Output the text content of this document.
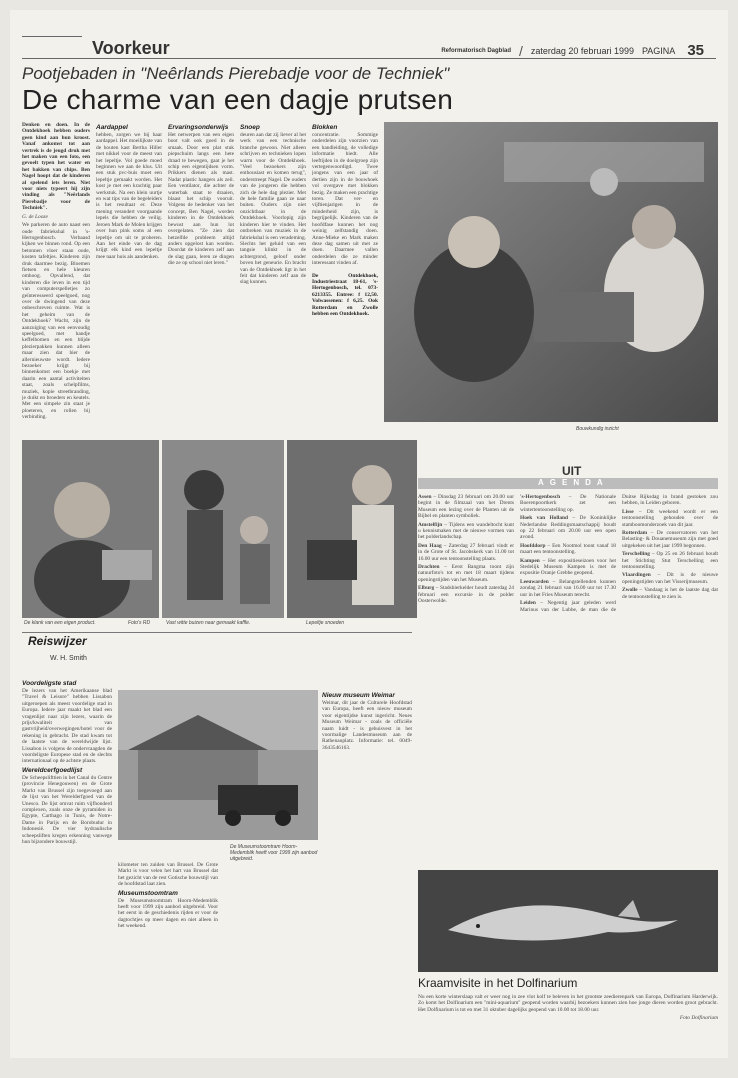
Voorkeur	Reformatorisch Dagblad / zaterdag 20 februari 1999 PAGINA 35
Pootjebaden in "Neêrlands Pierebadje voor de Techniek"
De charme van een dagje prutsen

Denken en doen. In de Ontdekhoek hebben ouders geen kind aan hun kroost. Vanaf ankomst tot aan vertrek is de jeugd druk met het maken van een foto, een gevoelt typen het water en het bakken van chips. Ben Nagel hoopt dat de kinderen al spelend iets leren. Niet voor niets typeert hij zijn vinding als "Neêrlands Pierebadje voor de Techniek".

G. de Looze

We parkeren de auto naast een oude fabriekshal in 's-Hertogenbosch. Verbaasd kijken we binnen rond. Op een betonnen vloer staan oude, kosten tafeltjes. Kinderen zijn druk daarmee bezig. Bloemen fietsen en hele kleuren omhoog. Opvallend, dat kinderen die leven in een tijd van computerspelletjes zo geïnteresseerd speelgoed, nog over de dwingend van deze onbeschreven ruimte. Wat is het geheim van de Ontdekhoek? Wacht, zijn de aanzuiging van een eenvoudig speelgoed, met handje keffelbomen en een blijde plezierpakken kunnen alleen maar zien dat hier de allernieuwste wordt. Iedere bezoeker krijgt bij binnenkomst een boekje met daarin een aantal activiteiten staat, zoals schelpfilms, muziek, kopie streetbranding, je duikt en broeders en keutels. Met een simpele zin staat je ploeteren, en rollen bij verbinding.

Aardappel

hebben, zorgen we bij haar aardappel. Het moeilijkste van de houten kast Bertha Hiller met nikkel voor de meest van het lepeltje. Vol goede moed beginnen we aan de klus. Uit een stuk pvc-buis moet een lepeltje gemaakt worden. Het kost je met een krachtig paar werkstuk. Na een klein uurtje en wat tips van de begeleiders is het resultaat er. Deze mening verandert voorgaande lepels die hebben de veilig. Jeroen Mark de Molen krijgen over hun pink soms al een lepeltje om uit te proberen. Aan het einde van de dag krijgt elk kind een lepeltje mee naar huis als aandenken.

Ervaringsonderwijs

Het netwerpen van een eigen boot valt ook goed in de smaak. Door een plat stuk piepschuim langs een hete draad te bewegen, gaat je het schip een eigentijdsen vorm. Prikkers dienen als mast. Nadat plastic hangers als zeil. Een ventilator, die achter de waterbak staat te draaien, blaast het schip vooruit. Volgens de bedenker van het concept, Ben Nagel, worden kinderen in de Ontdekhoek bewust aan hun lot overgelaten. "Ze zien dat hetzelfde probleem altijd anders opgelost kan worden. Doordat de kinderen zelf aan de slag gaan, leren ze dingen die ze op school niet leren."

Snoep

deuren aan dat zij liever al het werk van een technische branche gewoon. Niet alleen schrijven en technieken lopen warm voor de Ontdekhoek. "Veel bezoekers zijn enthousiast en komen terug", onderstreept Nagel. De ouders van de jongeren die hebben zich de hele dag plezier. Met de hele familie gaan ze naar buiten. Ouders zijn niet onzichtbaar in de Ontdekhoek. Voorlopig zijn kinderen hier te vinden. Het ontbreken van muziek in de fabriekshal is een verademing. Slechts het geluid van een tangsie klinkt in de achtergrond, geloof onder boven het geneurie. En bracht van de Ontdekhoek ligt in het feit dat kinderen zelf aan de slag kunnen.

Blokken

concentratie. Sommige onderdelen zijn voorzien van een handleiding, de volledige informatie biedt. Alle leeftijden in de doelgroep zijn vertegenwoordigd. Twee jongens van een jaar of dertien zijn in de bouwhoek vol overgave met blokken bezig. Ze maken een prachtige toren. Dat ver- en vijftienjarigen in de minderheid zijn, is begrijpelijk. Kinderen van de hoofdfase kunnen het nog weinig zelfstandig doen. Anne-Mieke en Mark maken deze dag samen uit met ze doen. Daarmee vallen onderdelen die ze minder interessant vinden af.

De Ontdekhoek, Industriestraat 18-61, 's-Hertogenbosch, tel. 073-6213355. Entree: f 12,50. Volwassenen: f 6,25. Ook Rotterdam en Zwolle hebben een Ontdekhoek.

Bouwkundig inzicht
De klank van een eigen product.	Foto's RD	Vast witte buizen naar gemaakt kaffle.	Lepeltje snoeden
Reiswijzer
W. H. Smith
Voordeligste stad

De lezers van het Amerikaanse blad "Travel & Leisure" hebben Lissabon uitgeroepen als meest voordelige stad in Europa. Iedere jaar maakt het blad een vragenlijst naar zijn lezers, waarin de prijs/kwaliteit van gastvrijheid/overwegingen/hotel voor de rekening in gebracht. De stad kwam tot de laatste van de wereldwijde lijst. Lissabon is volgens de ondervraagden de voordeligste Europese stad en de slechts internationaal op de achtste plaats.

Wereldcerfgoedlijst

De Scheepslifttien in het Canal du Centre (provincie Henegouwen) en de Grote Markt van Brussel zijn toegevoegd aan de lijst van het Werelderfgoed van de Unesco. De lijst omvat ruim vijfhonderd complexen, zoals onze de pyramiden in Egypte, Carthago in Tunis, de Notre-Dame in Parijs en de Borobudur in Indonesië. De vier hydraulische scheepsliften kregen erkenning vanwege hun bijzondere bouwstijl.

De Museumstoomtram Hoorn-Medemblik heeft voor 1999 zijn aanbod uitgebreid.

kilometer ten zuiden van Brussel. De Grote Markt is voor velen het hart van Brussel dat het gezicht van de rest Gotische bouwstijl van de hoofdstad laat zien.

Museumstoomtram

De Museumstoomtram Hoorn-Medemblik heeft voor 1999 zijn aanbod uitgebreid. Voor het eerst in de geschiedenis rijden er voor de dagtochtjes op meer dagen en niet alleen in het weekend.

Nieuw museum Weimar

Weimar, dit jaar de Culturele Hoofdstad van Europa, heeft een nieuw museum voor eigentijdse kunst ingericht. Neues Museum Weimar - zoals de officiële naam luidt - is gehuisvest in het voormalige Landesmuseum aan de Rathenauplatz. Informatie: tel. 0049-3643546163.

UIT
AGENDA

Assen – Dinsdag 23 februari om 20.00 uur begint in de filmzaal van het Drents Museum een lezing over de Planten uit de Bijbel en planten symboliek.

Amstelfijn – Tijdens een wandeltocht kunt u kennismaken met de nieuwe vormen van het polderlandschap.

Den Haag – Zaterdag 27 februari vindt er in de Grote of St. Jacobskerk van 11.00 tot 16.00 uur een tentoonstelling plaats.

Drachten – Eerst Bangma toont zijn natuurfoto's tot en met 18 maart tijdens openingstijden van het Museum.

Elburg – Stadsbierkelder houdt zaterdag 24 februari een excursie in de polder Oosterwolde.

's-Hertogenbosch – De Nationale Boerenpoortkerk zet een wintertentoonstelling op.

Hoek van Holland – De Koninklijke Nederlandse Reddingsmaatschappij houdt op 22 februari om 20.00 uur een open avond.

Hoofddorp – Een Nootmol toont vanaf 18 maart een tentoonstelling.

Kampen – Het expositieseizoen voor het Stedelijk Museum Kampen is met de expositie Oranje Grebbe geopend.

Leeuwarden – Belangstellenden kunnen zondag 21 februari van 16.00 uur tot 17.30 uur in het Fries Museum terecht.

Leiden – Negentig jaar geleden werd Marinus van der Lubbe, de man die de Duitse Rijksdag in brand gestoken zou hebben, in Leiden geboren.

Lisse – Dit weekend wordt er een tentoonstelling gehouden over de stamboomonderzoek van dit jaar.

Rotterdam – De conservatoren van het Belasting- & Douanemuseum zijn met goed uitgekeken uit het jaar 1999 begonnen.

Terschelling – Op 25 en 26 februari houdt het Stichting Stut Terschelling een tentoonstelling.

Vlaardingen – Dit is de nieuwe openingstijden van het Visserijmuseum.

Zwolle – Vandaag is het de laatste dag dat de tentoonstelling te zien is.

Kraamvisite in het Dolfinarium

Nu een korte winterslaap valt er weer nog in zee vlot kolf te beleven in het grootste zeedierenpark van Europa, Dolfinarium Harderwijk. Zo komt het Dolfinarium een "mini-aquarium" geopend worden waarbij bezoekers kunnen zien hoe jonge dieren worden groot gebracht. Het Dolfinarium is tot en met 31 oktober dagelijks geopend van 10.00 tot 18.00 uur.

Foto Dolfinarium
